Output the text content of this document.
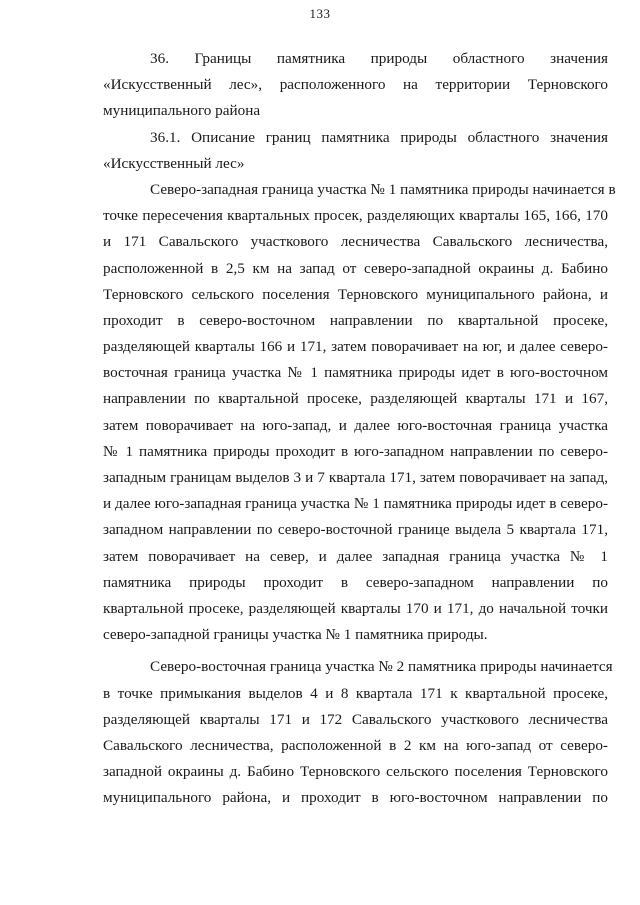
133

36. Границы памятника природы областного значения
«Искусственный лес», расположенного на территории Терновского
муниципального района

36.1. Описание границ памятника природы областного значения
«Искусственный лес»

Северо-западная граница участка № 1 памятника природы начинается в
точке пересечения квартальных просек, разделяющих кварталы 165, 166, 170
и 171 Савальского участкового лесничества Савальского лесничества,
расположенной в 2,5 км на запад от северо-западной окраины д. Бабино
Терновского сельского поселения Терновского муниципального района, и
проходит в северо-восточном направлении по квартальной просеке,
разделяющей кварталы 166 и 171, затем поворачивает на юг, и далее северо-
восточная граница участка № 1 памятника природы идет в юго-восточном
направлении по квартальной просеке, разделяющей кварталы 171 и 167,
затем поворачивает на юго-запад, и далее юго-восточная граница участка
№ 1 памятника природы проходит в юго-западном направлении по северо-
западным границам выделов 3 и 7 квартала 171, затем поворачивает на запад,
и далее юго-западная граница участка № 1 памятника природы идет в северо-
западном направлении по северо-восточной границе выдела 5 квартала 171,
затем поворачивает на север, и далее западная граница участка № 1
памятника природы проходит в северо-западном направлении по
квартальной просеке, разделяющей кварталы 170 и 171, до начальной точки
северо-западной границы участка № 1 памятника природы.

Северо-восточная граница участка № 2 памятника природы начинается
в точке примыкания выделов 4 и 8 квартала 171 к квартальной просеке,
разделяющей кварталы 171 и 172 Савальского участкового лесничества
Савальского лесничества, расположенной в 2 км на юго-запад от северо-
западной окраины д. Бабино Терновского сельского поселения Терновского
муниципального района, и проходит в юго-восточном направлении по
